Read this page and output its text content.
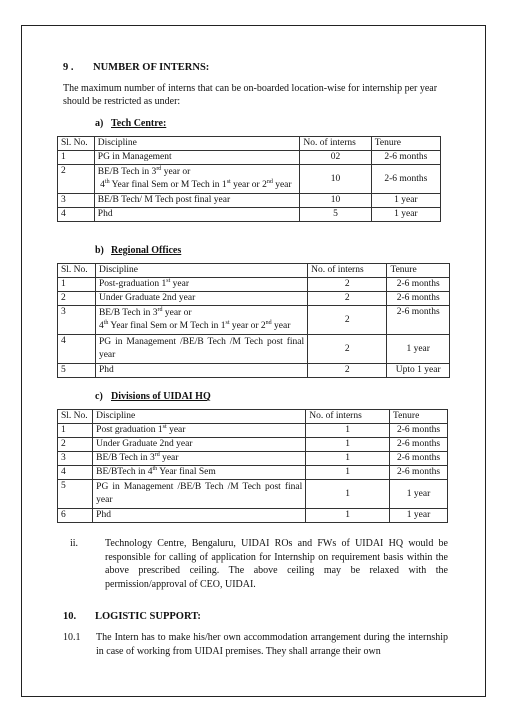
9 . NUMBER OF INTERNS:
The maximum number of interns that can be on-boarded location-wise for internship per year should be restricted as under:
a) Tech Centre:
Sl. No.	Discipline	No. of interns	Tenure
1	PG in Management	02	2-6 months
2	BE/B Tech in 3rd year or
4th Year final Sem or M Tech in 1st year or 2nd year	10	2-6 months
3	BE/B Tech/ M Tech post final year	10	1 year
4	Phd	5	1 year
b) Regional Offices
Sl. No.	Discipline	No. of interns	Tenure
1	Post-graduation 1st year	2	2-6 months
2	Under Graduate 2nd year	2	2-6 months
3	BE/B Tech in 3rd year or
4th Year final Sem or M Tech in 1st year or 2nd year	2	2-6 months
4	PG in Management /BE/B Tech /M Tech post final year	2	1 year
5	Phd	2	Upto 1 year
c) Divisions of UIDAI HQ
Sl. No.	Discipline	No. of interns	Tenure
1	Post graduation 1st year	1	2-6 months
2	Under Graduate 2nd year	1	2-6 months
3	BE/B Tech in 3rd year	1	2-6 months
4	BE/BTech in 4th Year final Sem	1	2-6 months
5	PG in Management /BE/B Tech /M Tech post final year	1	1 year
6	Phd	1	1 year
ii.	Technology Centre, Bengaluru, UIDAI ROs and FWs of UIDAI HQ would be responsible for calling of application for Internship on requirement basis within the above prescribed ceiling. The above ceiling may be relaxed with the permission/approval of CEO, UIDAI.
10. LOGISTIC SUPPORT:
10.1 The Intern has to make his/her own accommodation arrangement during the internship in case of working from UIDAI premises. They shall arrange their own
